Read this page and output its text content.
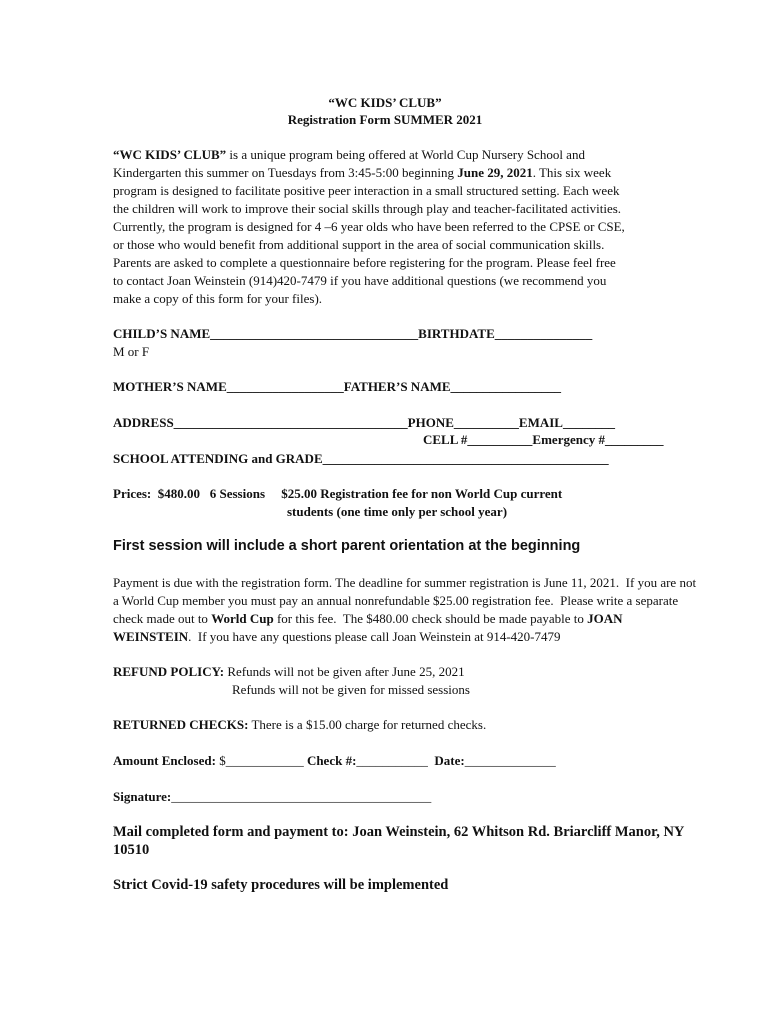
“WC KIDS’ CLUB”
Registration Form SUMMER 2021
“WC KIDS’ CLUB” is a unique program being offered at World Cup Nursery School and
Kindergarten this summer on Tuesdays from 3:45-5:00 beginning June 29, 2021. This six week
program is designed to facilitate positive peer interaction in a small structured setting. Each week
the children will work to improve their social skills through play and teacher-facilitated activities.
Currently, the program is designed for 4 –6 year olds who have been referred to the CPSE or CSE,
or those who would benefit from additional support in the area of social communication skills.
Parents are asked to complete a questionnaire before registering for the program. Please feel free
to contact Joan Weinstein (914)420-7479 if you have additional questions (we recommend you
make a copy of this form for your files).
CHILD’S NAME________________________________BIRTHDATE_______________
M or F
MOTHER’S NAME__________________FATHER’S NAME_________________
ADDRESS____________________________________PHONE__________EMAIL________
CELL #__________Emergency #_________
SCHOOL ATTENDING and GRADE____________________________________________
Prices:  $480.00   6 Sessions     $25.00 Registration fee for non World Cup current
students (one time only per school year)
First session will include a short parent orientation at the beginning
Payment is due with the registration form. The deadline for summer registration is June 11, 2021.  If you are not
a World Cup member you must pay an annual nonrefundable $25.00 registration fee.  Please write a separate
check made out to World Cup for this fee.  The $480.00 check should be made payable to JOAN
WEINSTEIN.  If you have any questions please call Joan Weinstein at 914-420-7479
REFUND POLICY: Refunds will not be given after June 25, 2021
Refunds will not be given for missed sessions
RETURNED CHECKS: There is a $15.00 charge for returned checks.
Amount Enclosed: $____________ Check #:___________  Date:______________
Signature:________________________________________
Mail completed form and payment to: Joan Weinstein, 62 Whitson Rd. Briarcliff Manor, NY
10510
Strict Covid-19 safety procedures will be implemented
